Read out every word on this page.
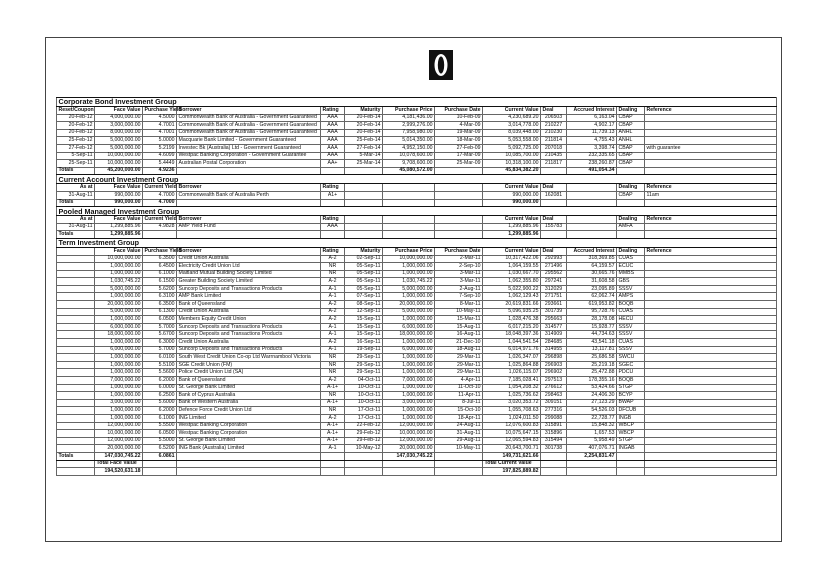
Corporate Bond Investment Group												
Reset/Coupon	Face Value	Purchase Yield	Borrower	Rating	Maturity	Purchase Price	Purchase Date	Current Value	Deal	Accrued Interest	Dealing	Reference
20-Feb-12	4,000,000.00	4.5000	Commonwealth Bank of Australia - Government Guaranteed	AAA	20-Feb-14	4,181,436.00	10-Feb-09	4,230,689.20	206503	6,163.04	CBAP	
20-Feb-12	3,000,000.00	4.7001	Commonwealth Bank of Australia - Government Guaranteed	AAA	20-Feb-14	2,999,276.00	4-Mar-09	3,014,778.00	210227	4,902.17	CBAP	
20-Feb-12	8,000,000.00	4.7001	Commonwealth Bank of Australia - Government Guaranteed	AAA	20-Feb-14	7,958,980.00	19-Mar-09	8,039,448.00	210230	11,739.13	ANHL	
25-Feb-12	5,000,000.00	5.0000	Macquarie Bank Limited - Government Guaranteed	AAA	25-Feb-14	5,014,350.00	18-Mar-09	5,053,558.00	211814	4,755.43	ANHL	
27-Feb-12	5,000,000.00	5.2199	Investec Bk (Australia) Ltd - Government Guaranteed	AAA	27-Feb-14	4,952,150.00	27-Feb-09	5,092,725.00	207018	3,398.74	CBAP	with guarantee
5-Sep-11	10,000,000.00	4.6099	Westpac Banking Corporation - Government Guarantee	AAA	5-Mar-14	10,078,600.00	17-Mar-09	10,085,700.00	210435	232,335.65	CBAP	
25-Sep-11	10,000,000.00	5.4449	Australian Postal Corporation	AA+	25-Mar-14	9,708,600.00	25-Mar-09	10,318,100.00	211817	238,260.87	CBAP	
Totals	45,200,000.00	4.9236				45,080,572.00		45,834,382.20		491,054.34		
Current Account Investment Group												
As at	Face Value	Current Yield	Borrower	Rating				Current Value	Deal		Dealing	Reference
31-Aug-11	990,000.00	4.7000	Commonwealth Bank of Australia Perth	A1+				990,000.00	162081		CBAP	11am
Totals	990,000.00	4.7000						990,000.00				
Pooled Managed Investment Group												
As at	Face Value	Current Yield	Borrower	Rating				Current Value	Deal		Dealing	Reference
31-Aug-11	1,299,885.96	4.9828	AMP Yield Fund	AAA				1,299,885.96	155783		AMFA	
Totals	1,299,885.96							1,299,885.96				
Term Investment Group												
	Face Value	Purchase Yield	Borrower	Rating	Maturity	Purchase Price	Purchase Date	Current Value	Deal	Accrued Interest	Dealing	Reference
	10,000,000.00	6.3500	Credit Union Australia	A-2	02-Sep-11	10,000,000.00	2-Mar-11	10,317,422.06	292993	318,369.85	CUAS	
	1,000,000.00	6.4500	Electricity Credit Union Ltd	NR	05-Sep-11	1,000,000.00	2-Sep-10	1,064,159.55	271496	64,159.57	ECUC	
	1,000,000.00	6.1000	Maitland Mutual Building Society Limited	NR	05-Sep-11	1,000,000.00	3-Mar-11	1,030,667.70	295562	30,665.76	MMBS	
	1,030,745.22	6.1500	Greater Building Society Limited	A-2	05-Sep-11	1,030,745.22	3-Mar-11	1,062,355.80	297241	31,608.58	GBS	
	5,000,000.00	5.6200	Suncorp Deposits and Transactions Products	A-1	05-Sep-11	5,000,000.00	2-Aug-11	5,022,900.22	312029	23,095.89	SSSV	
	1,000,000.00	6.3100	AMP Bank Limited	A-1	07-Sep-11	1,000,000.00	7-Sep-10	1,062,129.43	271751	62,062.74	AMPS	
	20,000,000.00	6.3500	Bank of Queensland	A-2	08-Sep-11	20,000,000.00	8-Mar-11	20,619,831.66	293661	619,953.82	BOQB	
	5,000,000.00	6.1300	Credit Union Australia	A-2	12-Sep-11	5,000,000.00	10-May-11	5,096,935.25	301739	95,728.76	CUAS	
	1,000,000.00	6.0500	Members Equity Credit Union	A-2	15-Sep-11	1,000,000.00	15-Mar-11	1,028,476.38	295663	28,178.08	HECU	
	6,000,000.00	5.7000	Suncorp Deposits and Transactions Products	A-1	15-Sep-11	6,000,000.00	15-Aug-11	6,017,215.20	314577	15,928.77	SSSV	
	18,000,000.00	5.6700	Suncorp Deposits and Transactions Products	A-1	15-Sep-11	18,000,000.00	16-Aug-11	18,048,397.36	314909	44,734.63	SSSV	
	1,000,000.00	6.3000	Credit Union Australia	A-2	16-Sep-11	1,000,000.00	21-Dec-10	1,044,541.54	284685	43,541.18	CUAS	
	6,000,000.00	5.7000	Suncorp Deposits and Transactions Products	A-1	19-Sep-11	6,000,000.00	18-Aug-11	6,014,971.76	314955	13,117.81	SSSV	
	1,000,000.00	6.0100	South West Credit Union Co-op Ltd Warrnambool Victoria	NR	29-Sep-11	1,000,000.00	29-Mar-11	1,026,347.07	296898	25,686.58	SWCU	
	1,000,000.00	5.5100	SGE Credit Union (FM)	NR	29-Sep-11	1,000,000.00	29-Mar-11	1,025,864.88	296903	25,219.18	SGEC	
	1,000,000.00	5.5600	Police Credit Union Ltd (SA)	NR	29-Sep-11	1,000,000.00	29-Mar-11	1,026,115.07	296902	25,472.88	PDCU	
	7,000,000.00	6.2000	Bank of Queensland	A-2	04-Oct-11	7,000,000.00	4-Apr-11	7,185,028.41	297513	178,355.16	BOQB	
	1,000,000.00	6.0000	St. George Bank Limited	A-1+	10-Oct-11	1,000,000.00	11-Oct-10	1,054,208.32	276612	53,424.66	STGP	
	1,000,000.00	6.2500	Bank of Cyprus Australia	NR	10-Oct-11	1,000,000.00	11-Apr-11	1,025,736.62	298463	24,406.30	BCYP	
	3,000,000.00	5.6000	Bank of Western Australia	A-1+	10-Oct-11	3,000,000.00	8-Jul-11	3,020,353.72	309151	27,123.29	BWAP	
	1,000,000.00	6.2000	Defence Force Credit Union Ltd	NR	17-Oct-11	1,000,000.00	15-Oct-10	1,055,708.63	277316	54,526.03	DFCUB	
	1,000,000.00	6.1000	ING Limited	A-2	17-Oct-11	1,000,000.00	18-Apr-11	1,024,011.50	299088	22,728.77	INGB	
	12,000,000.00	5.5500	Westpac Banking Corporation	A-1+	22-Feb-12	12,000,000.00	24-Aug-11	12,076,600.83	315891	15,848.32	WBCP	
	10,000,000.00	6.0500	Westpac Banking Corporation	A-1+	29-Feb-12	10,000,000.00	31-Aug-11	10,075,647.15	315896	1,657.53	WBCP	
	12,000,000.00	5.5000	St. George Bank Limited	A-1+	29-Feb-12	12,000,000.00	29-Aug-11	12,065,594.83	315494	5,958.49	STGP	
	20,000,000.00	6.5200	ING Bank (Australia) Limited	A-1	10-May-12	20,000,000.00	10-May-11	20,643,700.71	301738	407,076.71	INGAB	
Totals	147,030,745.22	6.0861				147,030,745.22		149,731,621.66		2,254,831.47		
	Total Face Value							Total Current Value				
	194,520,631.18							197,825,889.82				
